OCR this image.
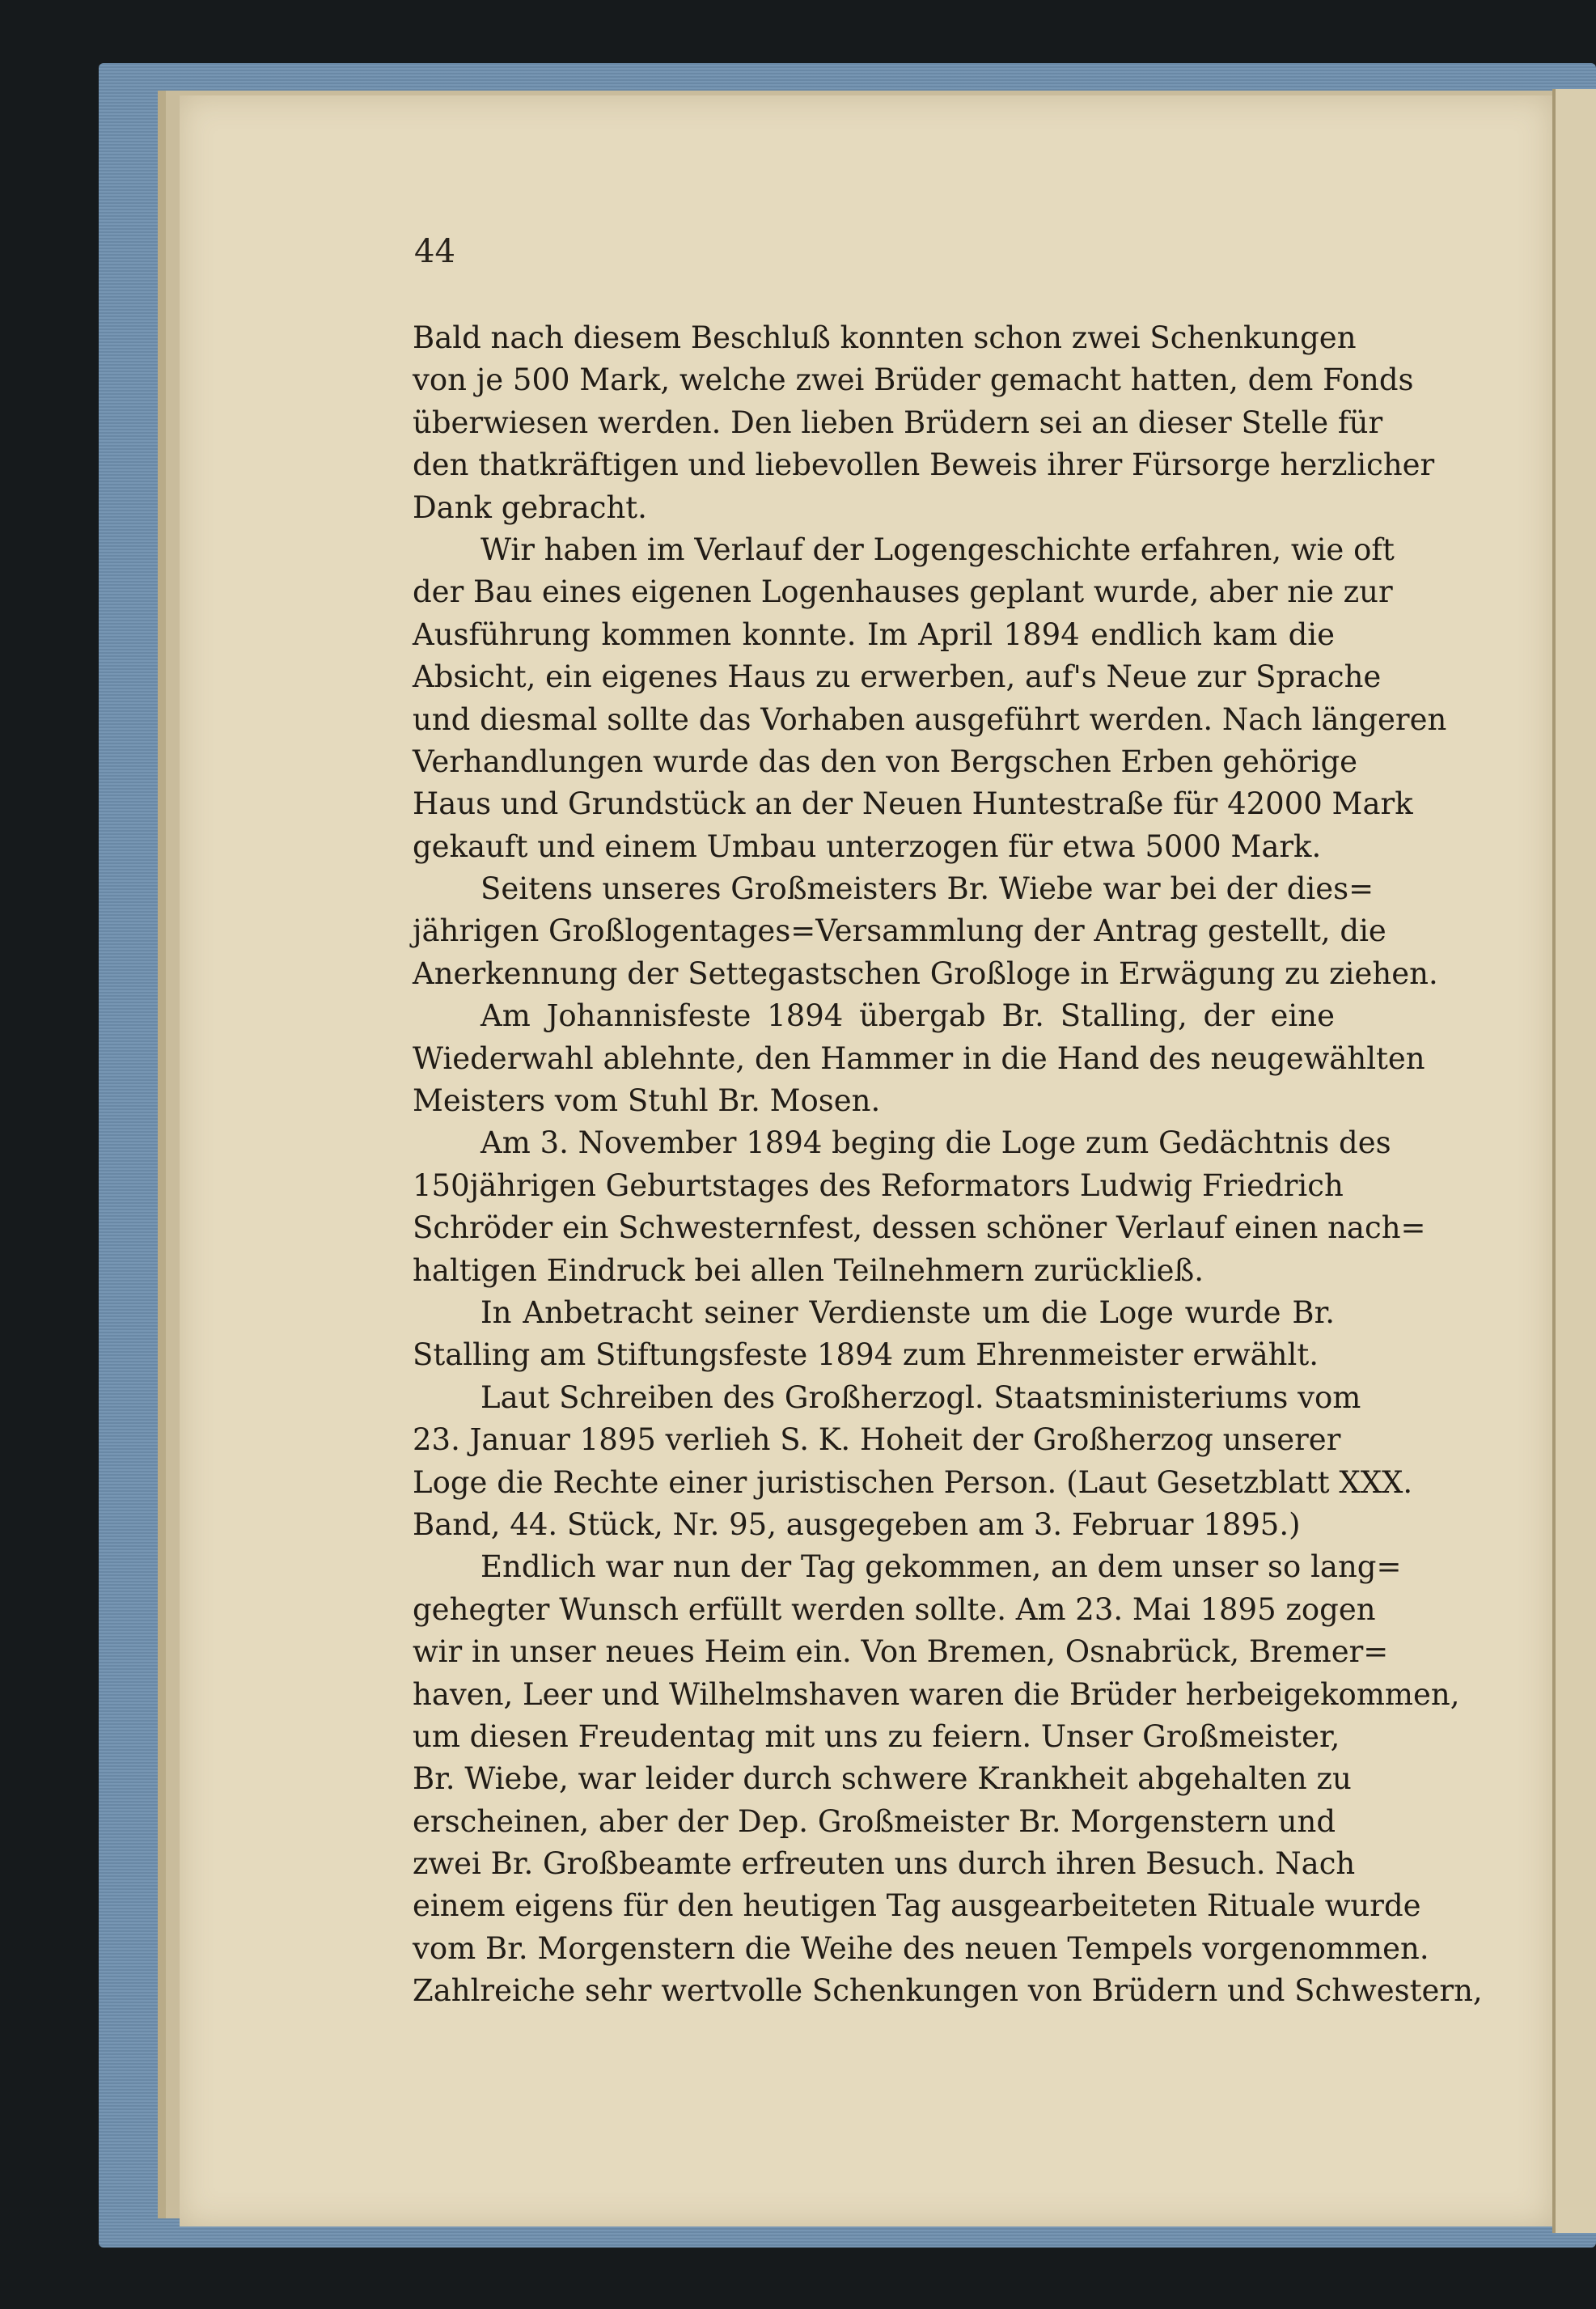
44
Bald nach diesem Beschluß konnten schon zwei Schenkungen
von je 500 Mark, welche zwei Brüder gemacht hatten, dem Fonds
überwiesen werden. Den lieben Brüdern sei an dieser Stelle für
den thatkräftigen und liebevollen Beweis ihrer Fürsorge herzlicher
Dank gebracht.
Wir haben im Verlauf der Logengeschichte erfahren, wie oft
der Bau eines eigenen Logenhauses geplant wurde, aber nie zur
Ausführung kommen konnte. Im April 1894 endlich kam die
Absicht, ein eigenes Haus zu erwerben, auf's Neue zur Sprache
und diesmal sollte das Vorhaben ausgeführt werden. Nach längeren
Verhandlungen wurde das den von Bergschen Erben gehörige
Haus und Grundstück an der Neuen Huntestraße für 42000 Mark
gekauft und einem Umbau unterzogen für etwa 5000 Mark.
Seitens unseres Großmeisters Br. Wiebe war bei der dies=
jährigen Großlogentages=Versammlung der Antrag gestellt, die
Anerkennung der Settegastschen Großloge in Erwägung zu ziehen.
Am Johannisfeste 1894 übergab Br. Stalling, der eine
Wiederwahl ablehnte, den Hammer in die Hand des neugewählten
Meisters vom Stuhl Br. Mosen.
Am 3. November 1894 beging die Loge zum Gedächtnis des
150jährigen Geburtstages des Reformators Ludwig Friedrich
Schröder ein Schwesternfest, dessen schöner Verlauf einen nach=
haltigen Eindruck bei allen Teilnehmern zurückließ.
In Anbetracht seiner Verdienste um die Loge wurde Br.
Stalling am Stiftungsfeste 1894 zum Ehrenmeister erwählt.
Laut Schreiben des Großherzogl. Staatsministeriums vom
23. Januar 1895 verlieh S. K. Hoheit der Großherzog unserer
Loge die Rechte einer juristischen Person. (Laut Gesetzblatt XXX.
Band, 44. Stück, Nr. 95, ausgegeben am 3. Februar 1895.)
Endlich war nun der Tag gekommen, an dem unser so lang=
gehegter Wunsch erfüllt werden sollte. Am 23. Mai 1895 zogen
wir in unser neues Heim ein. Von Bremen, Osnabrück, Bremer=
haven, Leer und Wilhelmshaven waren die Brüder herbeigekommen,
um diesen Freudentag mit uns zu feiern. Unser Großmeister,
Br. Wiebe, war leider durch schwere Krankheit abgehalten zu
erscheinen, aber der Dep. Großmeister Br. Morgenstern und
zwei Br. Großbeamte erfreuten uns durch ihren Besuch. Nach
einem eigens für den heutigen Tag ausgearbeiteten Rituale wurde
vom Br. Morgenstern die Weihe des neuen Tempels vorgenommen.
Zahlreiche sehr wertvolle Schenkungen von Brüdern und Schwestern,
